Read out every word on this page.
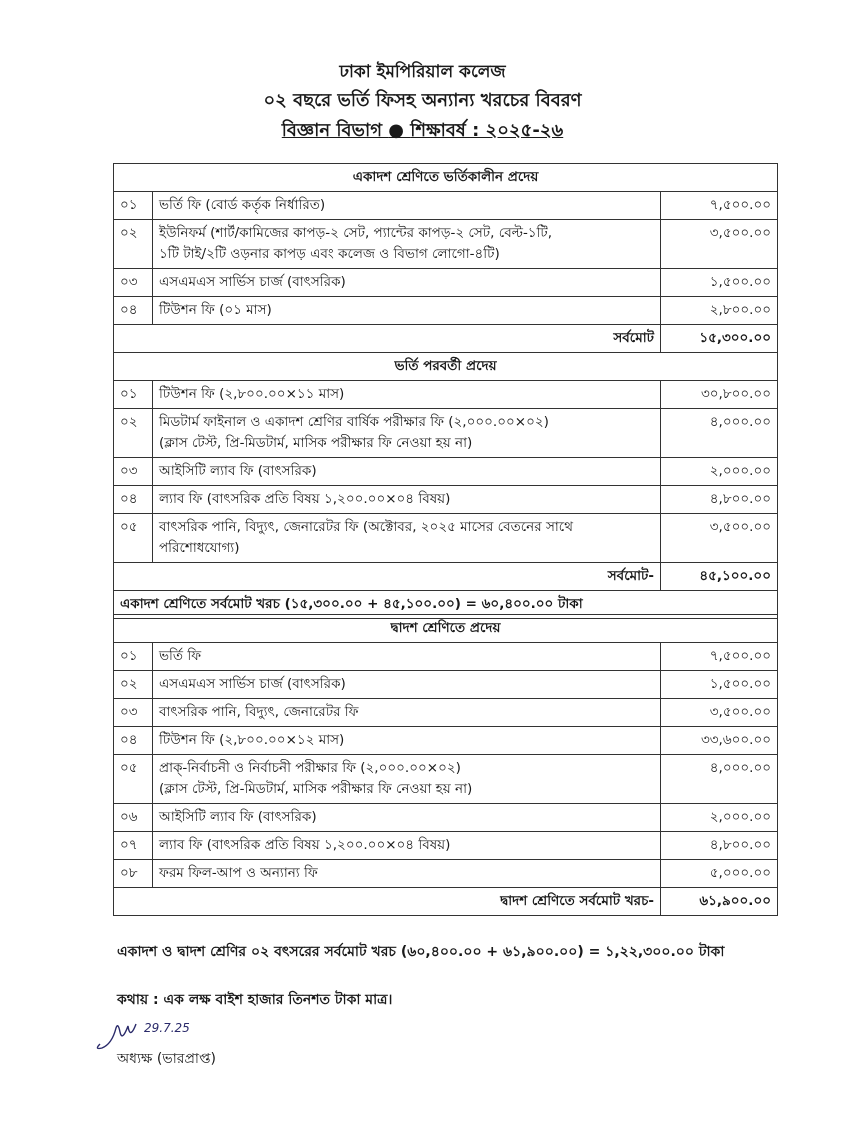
ঢাকা ইমপিরিয়াল কলেজ
০২ বছরে ভর্তি ফিসহ অন্যান্য খরচের বিবরণ
বিজ্ঞান বিভাগ ● শিক্ষাবর্ষ : ২০২৫-২৬
একাদশ শ্রেণিতে ভর্তিকালীন প্রদেয়		
০১	ভর্তি ফি (বোর্ড কর্তৃক নির্ধারিত)	৭,৫০০.০০
০২	ইউনিফর্ম (শার্ট/কামিজের কাপড়-২ সেট, প্যান্টের কাপড়-২ সেট, বেল্ট-১টি,
১টি টাই/২টি ওড়নার কাপড় এবং কলেজ ও বিভাগ লোগো-৪টি)	৩,৫০০.০০
০৩	এসএমএস সার্ভিস চার্জ (বাৎসরিক)	১,৫০০.০০
০৪	টিউশন ফি (০১ মাস)	২,৮০০.০০
সর্বমোট		১৫,৩০০.০০
ভর্তি পরবর্তী প্রদেয়		
০১	টিউশন ফি (২,৮০০.০০×১১ মাস)	৩০,৮০০.০০
০২	মিডটার্ম ফাইনাল ও একাদশ শ্রেণির বার্ষিক পরীক্ষার ফি (২,০০০.০০×০২)
(ক্লাস টেস্ট, প্রি-মিডটার্ম, মাসিক পরীক্ষার ফি নেওয়া হয় না)	৪,০০০.০০
০৩	আইসিটি ল্যাব ফি (বাৎসরিক)	২,০০০.০০
০৪	ল্যাব ফি (বাৎসরিক প্রতি বিষয় ১,২০০.০০×০৪ বিষয়)	৪,৮০০.০০
০৫	বাৎসরিক পানি, বিদ্যুৎ, জেনারেটর ফি (অক্টোবর, ২০২৫ মাসের বেতনের সাথে পরিশোধযোগ্য)	৩,৫০০.০০
সর্বমোট-		৪৫,১০০.০০
একাদশ শ্রেণিতে সর্বমোট খরচ (১৫,৩০০.০০ + ৪৫,১০০.০০) = ৬০,৪০০.০০ টাকা		
দ্বাদশ শ্রেণিতে প্রদেয়		
০১	ভর্তি ফি	৭,৫০০.০০
০২	এসএমএস সার্ভিস চার্জ (বাৎসরিক)	১,৫০০.০০
০৩	বাৎসরিক পানি, বিদ্যুৎ, জেনারেটর ফি	৩,৫০০.০০
০৪	টিউশন ফি (২,৮০০.০০×১২ মাস)	৩৩,৬০০.০০
০৫	প্রাক্-নির্বাচনী ও নির্বাচনী পরীক্ষার ফি (২,০০০.০০×০২)
(ক্লাস টেস্ট, প্রি-মিডটার্ম, মাসিক পরীক্ষার ফি নেওয়া হয় না)	৪,০০০.০০
০৬	আইসিটি ল্যাব ফি (বাৎসরিক)	২,০০০.০০
০৭	ল্যাব ফি (বাৎসরিক প্রতি বিষয় ১,২০০.০০×০৪ বিষয়)	৪,৮০০.০০
০৮	ফরম ফিল-আপ ও অন্যান্য ফি	৫,০০০.০০
দ্বাদশ শ্রেণিতে সর্বমোট খরচ-		৬১,৯০০.০০
একাদশ ও দ্বাদশ শ্রেণির ০২ বৎসরের সর্বমোট খরচ (৬০,৪০০.০০ + ৬১,৯০০.০০) = ১,২২,৩০০.০০ টাকা
কথায় : এক লক্ষ বাইশ হাজার তিনশত টাকা মাত্র।
29.7.25
অধ্যক্ষ (ভারপ্রাপ্ত)
